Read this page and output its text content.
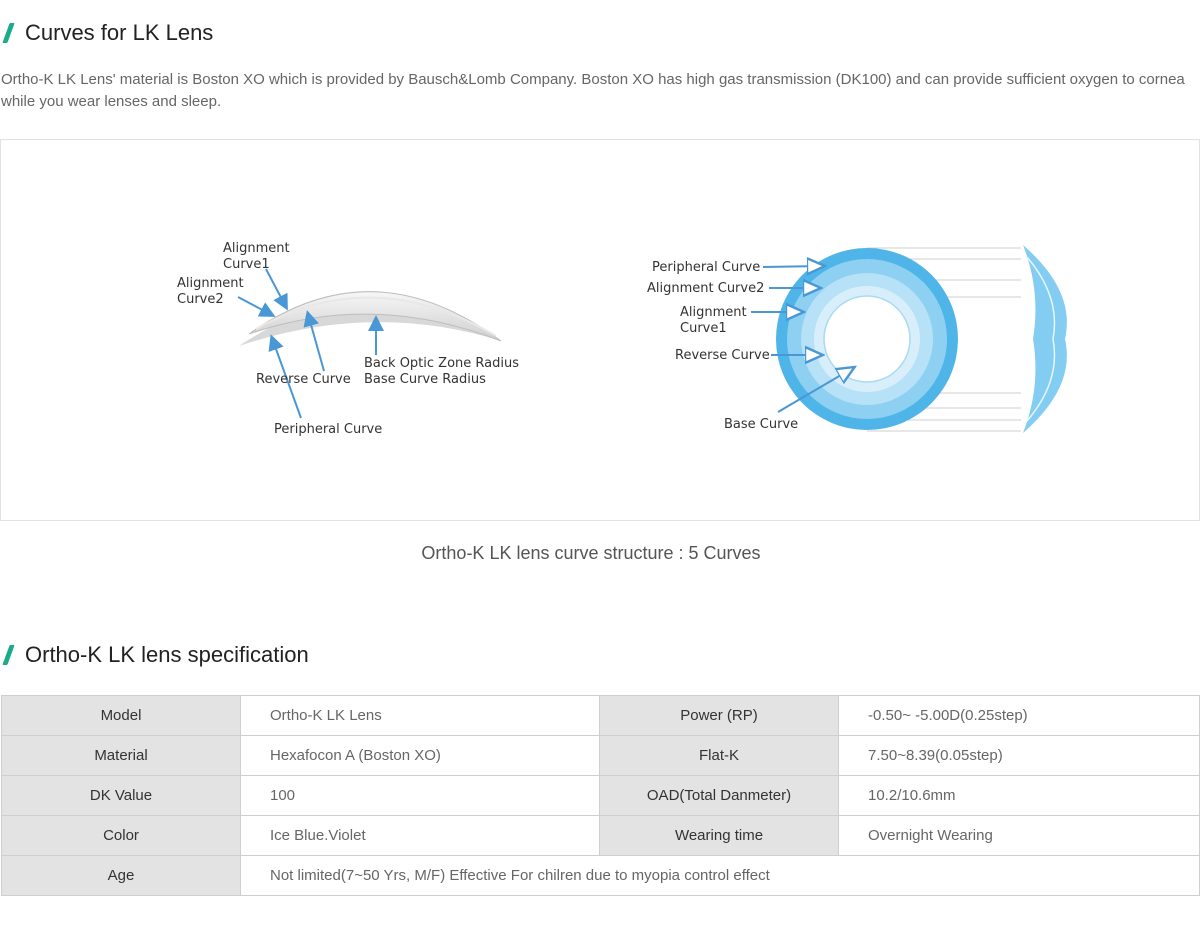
Curves for LK Lens

Ortho-K LK Lens' material is Boston XO which is provided by Bausch&Lomb Company. Boston XO has high gas transmission (DK100) and can provide sufficient oxygen to cornea while you wear lenses and sleep.

Alignment
Curve1
Alignment
Curve2
Reverse Curve
Back Optic Zone Radius
Base Curve Radius
Peripheral Curve
Peripheral Curve
Alignment Curve2
Alignment
Curve1
Reverse Curve
Base Curve

Ortho-K LK lens curve structure : 5 Curves

Ortho-K LK lens specification
Model	Ortho-K LK Lens	Power (RP)	-0.50~ -5.00D(0.25step)
Material	Hexafocon A (Boston XO)	Flat-K	7.50~8.39(0.05step)
DK Value	100	OAD(Total Danmeter)	10.2/10.6mm
Color	Ice Blue.Violet	Wearing time	Overnight Wearing
Age	Not limited(7~50 Yrs, M/F) Effective For chilren due to myopia control effect		
